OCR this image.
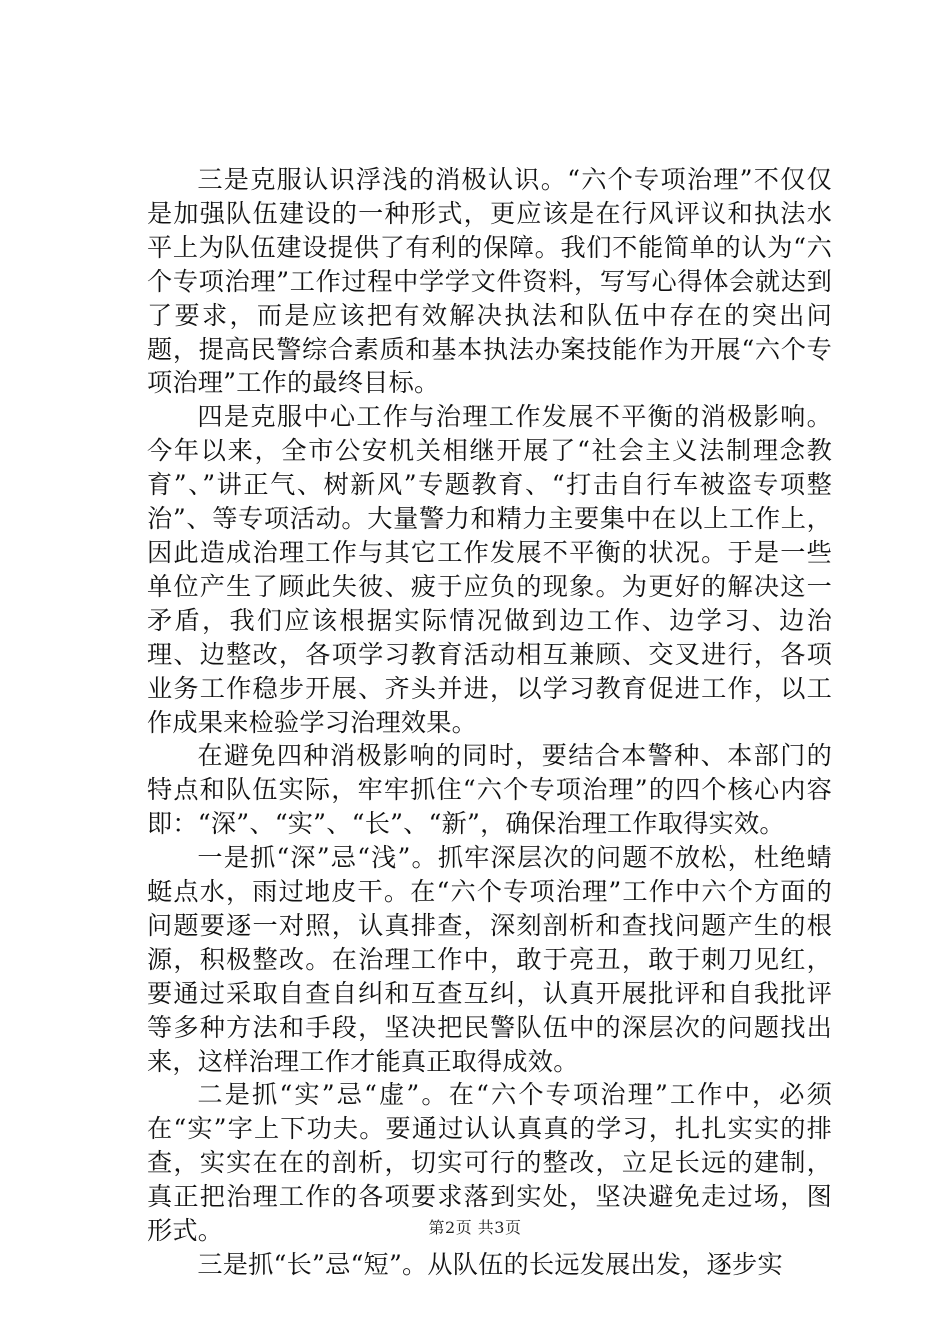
三是克服认识浮浅的消极认识。“六个专项治理”不仅仅是加强队伍建设的一种形式，更应该是在行风评议和执法水平上为队伍建设提供了有利的保障。我们不能简单的认为“六个专项治理”工作过程中学学文件资料，写写心得体会就达到了要求，而是应该把有效解决执法和队伍中存在的突出问题，提高民警综合素质和基本执法办案技能作为开展“六个专项治理”工作的最终目标。

四是克服中心工作与治理工作发展不平衡的消极影响。今年以来，全市公安机关相继开展了“社会主义法制理念教育”、”讲正气、树新风”专题教育、“打击自行车被盗专项整治”、等专项活动。大量警力和精力主要集中在以上工作上，因此造成治理工作与其它工作发展不平衡的状况。于是一些单位产生了顾此失彼、疲于应负的现象。为更好的解决这一矛盾，我们应该根据实际情况做到边工作、边学习、边治理、边整改，各项学习教育活动相互兼顾、交叉进行，各项业务工作稳步开展、齐头并进，以学习教育促进工作，以工作成果来检验学习治理效果。

在避免四种消极影响的同时，要结合本警种、本部门的特点和队伍实际，牢牢抓住“六个专项治理”的四个核心内容即：“深”、“实”、“长”、“新”，确保治理工作取得实效。

一是抓“深”忌“浅”。抓牢深层次的问题不放松，杜绝蜻蜓点水，雨过地皮干。在“六个专项治理”工作中六个方面的问题要逐一对照，认真排查，深刻剖析和查找问题产生的根源，积极整改。在治理工作中，敢于亮丑，敢于刺刀见红，要通过采取自查自纠和互查互纠，认真开展批评和自我批评等多种方法和手段，坚决把民警队伍中的深层次的问题找出来，这样治理工作才能真正取得成效。

二是抓“实”忌“虚”。在“六个专项治理”工作中，必须在“实”字上下功夫。要通过认认真真的学习，扎扎实实的排查，实实在在的剖析，切实可行的整改，立足长远的建制，真正把治理工作的各项要求落到实处，坚决避免走过场，图形式。

三是抓“长”忌“短”。从队伍的长远发展出发，逐步实

第2页 共3页
